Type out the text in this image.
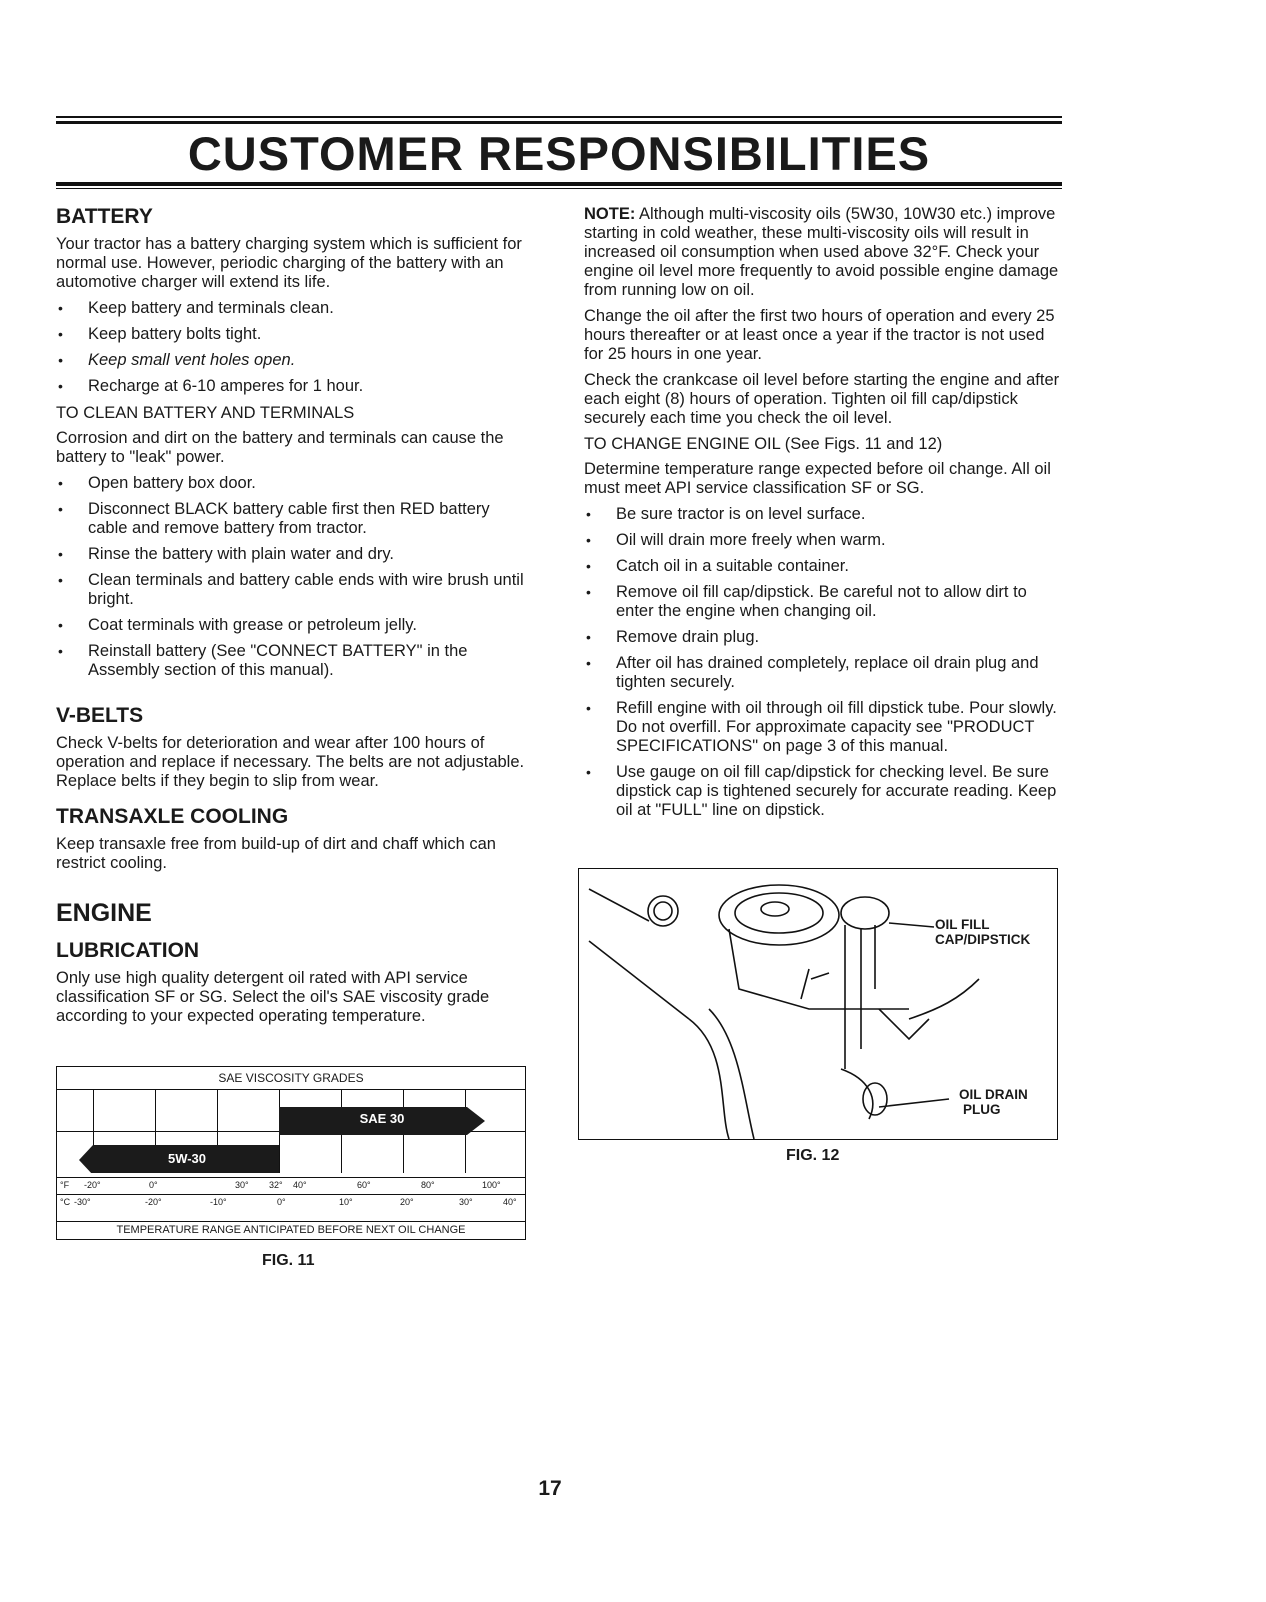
CUSTOMER RESPONSIBILITIES
BATTERY

Your tractor has a battery charging system which is sufficient for normal use. However, periodic charging of the battery with an automotive charger will extend its life.

• Keep battery and terminals clean.
• Keep battery bolts tight.
• Keep small vent holes open.
• Recharge at 6-10 amperes for 1 hour.
TO CLEAN BATTERY AND TERMINALS

Corrosion and dirt on the battery and terminals can cause the battery to "leak" power.

• Open battery box door.
• Disconnect BLACK battery cable first then RED battery cable and remove battery from tractor.
• Rinse the battery with plain water and dry.
• Clean terminals and battery cable ends with wire brush until bright.
• Coat terminals with grease or petroleum jelly.
• Reinstall battery (See "CONNECT BATTERY" in the Assembly section of this manual).
V-BELTS

Check V-belts for deterioration and wear after 100 hours of operation and replace if necessary. The belts are not adjustable. Replace belts if they begin to slip from wear.

TRANSAXLE COOLING

Keep transaxle free from build-up of dirt and chaff which can restrict cooling.

ENGINE
LUBRICATION

Only use high quality detergent oil rated with API service classification SF or SG. Select the oil's SAE viscosity grade according to your expected operating temperature.

SAE VISCOSITY GRADES
SAE 30
5W-30
°F -20°	0°	30° 32° 40°	60°	80°	100°
°C -30°	-20°	-10°	0°	10°	20°	30°	40°
TEMPERATURE RANGE ANTICIPATED BEFORE NEXT OIL CHANGE
FIG. 11

NOTE: Although multi-viscosity oils (5W30, 10W30 etc.) improve starting in cold weather, these multi-viscosity oils will result in increased oil consumption when used above 32°F. Check your engine oil level more frequently to avoid possible engine damage from running low on oil.

Change the oil after the first two hours of operation and every 25 hours thereafter or at least once a year if the tractor is not used for 25 hours in one year.

Check the crankcase oil level before starting the engine and after each eight (8) hours of operation. Tighten oil fill cap/dipstick securely each time you check the oil level.

TO CHANGE ENGINE OIL (See Figs. 11 and 12)

Determine temperature range expected before oil change. All oil must meet API service classification SF or SG.

• Be sure tractor is on level surface.
• Oil will drain more freely when warm.
• Catch oil in a suitable container.
• Remove oil fill cap/dipstick. Be careful not to allow dirt to enter the engine when changing oil.
• Remove drain plug.
• After oil has drained completely, replace oil drain plug and tighten securely.
• Refill engine with oil through oil fill dipstick tube. Pour slowly. Do not overfill. For approximate capacity see "PRODUCT SPECIFICATIONS" on page 3 of this manual.
• Use gauge on oil fill cap/dipstick for checking level. Be sure dipstick cap is tightened securely for accurate reading. Keep oil at "FULL" line on dipstick.
OIL FILL
CAP/DIPSTICK
OIL DRAIN
PLUG
FIG. 12
17
